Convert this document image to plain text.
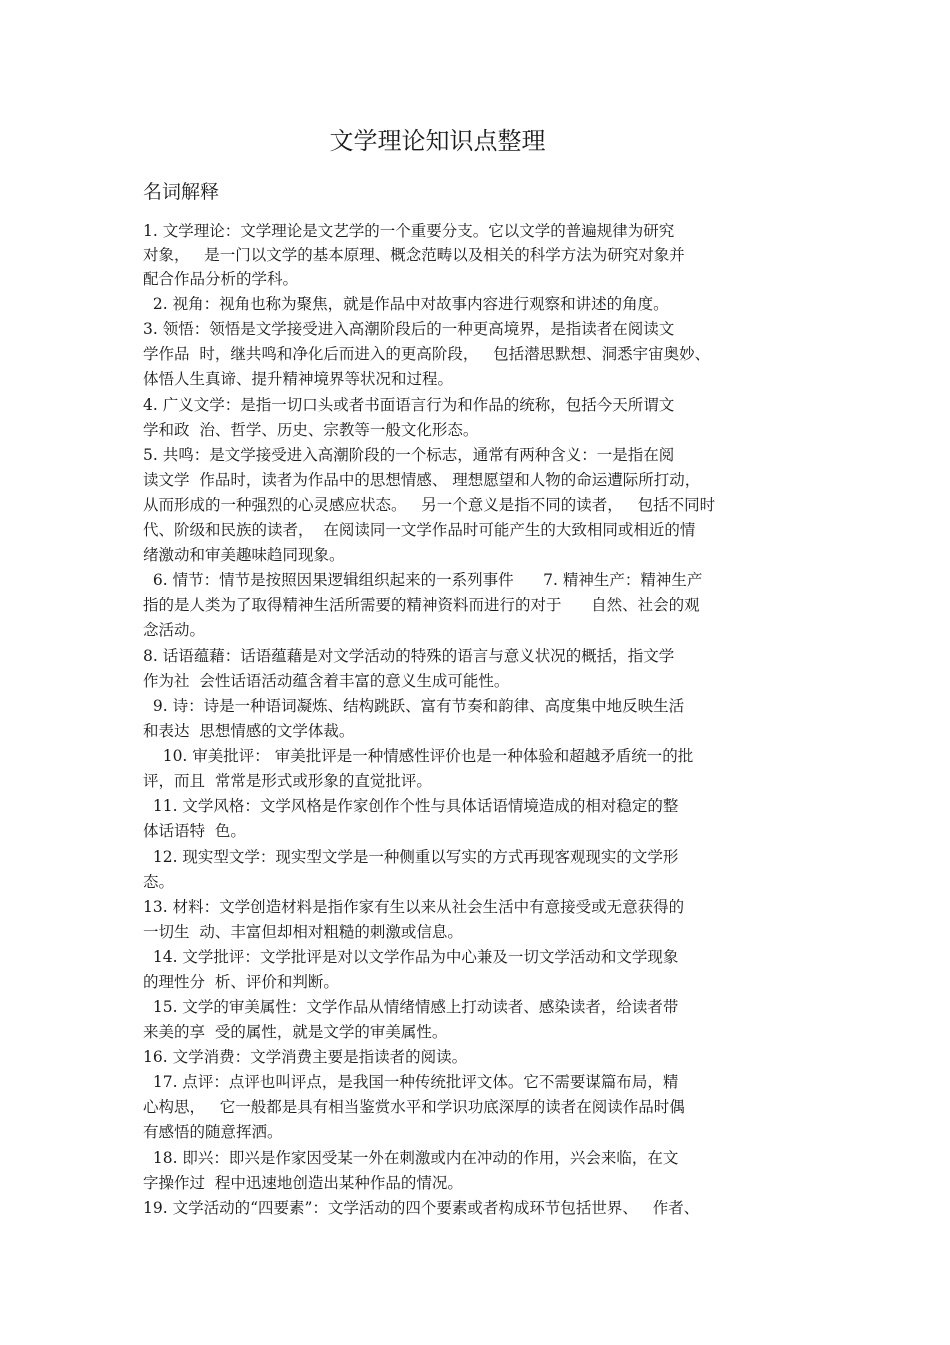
文学理论知识点整理
名词解释
1. 文学理论：文学理论是文艺学的一个重要分支。它以文学的普遍规律为研究
对象，   是一门以文学的基本原理、概念范畴以及相关的科学方法为研究对象并
配合作品分析的学科。
2. 视角：视角也称为聚焦，就是作品中对故事内容进行观察和讲述的角度。
3. 领悟：领悟是文学接受进入高潮阶段后的一种更高境界，是指读者在阅读文
学作品  时，继共鸣和净化后而进入的更高阶段，   包括潜思默想、洞悉宇宙奥妙、
体悟人生真谛、提升精神境界等状况和过程。
4. 广义文学：是指一切口头或者书面语言行为和作品的统称，包括今天所谓文
学和政  治、哲学、历史、宗教等一般文化形态。
5. 共鸣：是文学接受进入高潮阶段的一个标志，通常有两种含义：一是指在阅
读文学  作品时，读者为作品中的思想情感、 理想愿望和人物的命运遭际所打动，
从而形成的一种强烈的心灵感应状态。   另一个意义是指不同的读者，   包括不同时
代、阶级和民族的读者，  在阅读同一文学作品时可能产生的大致相同或相近的情
绪激动和审美趣味趋同现象。
6. 情节：情节是按照因果逻辑组织起来的一系列事件      7. 精神生产：精神生产
指的是人类为了取得精神生活所需要的精神资料而进行的对于      自然、社会的观
念活动。
8. 话语蕴藉：话语蕴藉是对文学活动的特殊的语言与意义状况的概括，指文学
作为社  会性话语活动蕴含着丰富的意义生成可能性。
9. 诗：诗是一种语词凝炼、结构跳跃、富有节奏和韵律、高度集中地反映生活
和表达  思想情感的文学体裁。
10. 审美批评： 审美批评是一种情感性评价也是一种体验和超越矛盾统一的批
评，而且  常常是形式或形象的直觉批评。
11. 文学风格：文学风格是作家创作个性与具体话语情境造成的相对稳定的整
体话语特  色。
12. 现实型文学：现实型文学是一种侧重以写实的方式再现客观现实的文学形
态。
13. 材料：文学创造材料是指作家有生以来从社会生活中有意接受或无意获得的
一切生  动、丰富但却相对粗糙的刺激或信息。
14. 文学批评：文学批评是对以文学作品为中心兼及一切文学活动和文学现象
的理性分  析、评价和判断。
15. 文学的审美属性：文学作品从情绪情感上打动读者、感染读者，给读者带
来美的享  受的属性，就是文学的审美属性。
16. 文学消费：文学消费主要是指读者的阅读。
17. 点评：点评也叫评点，是我国一种传统批评文体。它不需要谋篇布局，精
心构思，   它一般都是具有相当鉴赏水平和学识功底深厚的读者在阅读作品时偶
有感悟的随意挥洒。
18. 即兴：即兴是作家因受某一外在刺激或内在冲动的作用，兴会来临，在文
字操作过  程中迅速地创造出某种作品的情况。
19. 文学活动的“四要素”：文学活动的四个要素或者构成环节包括世界、   作者、
